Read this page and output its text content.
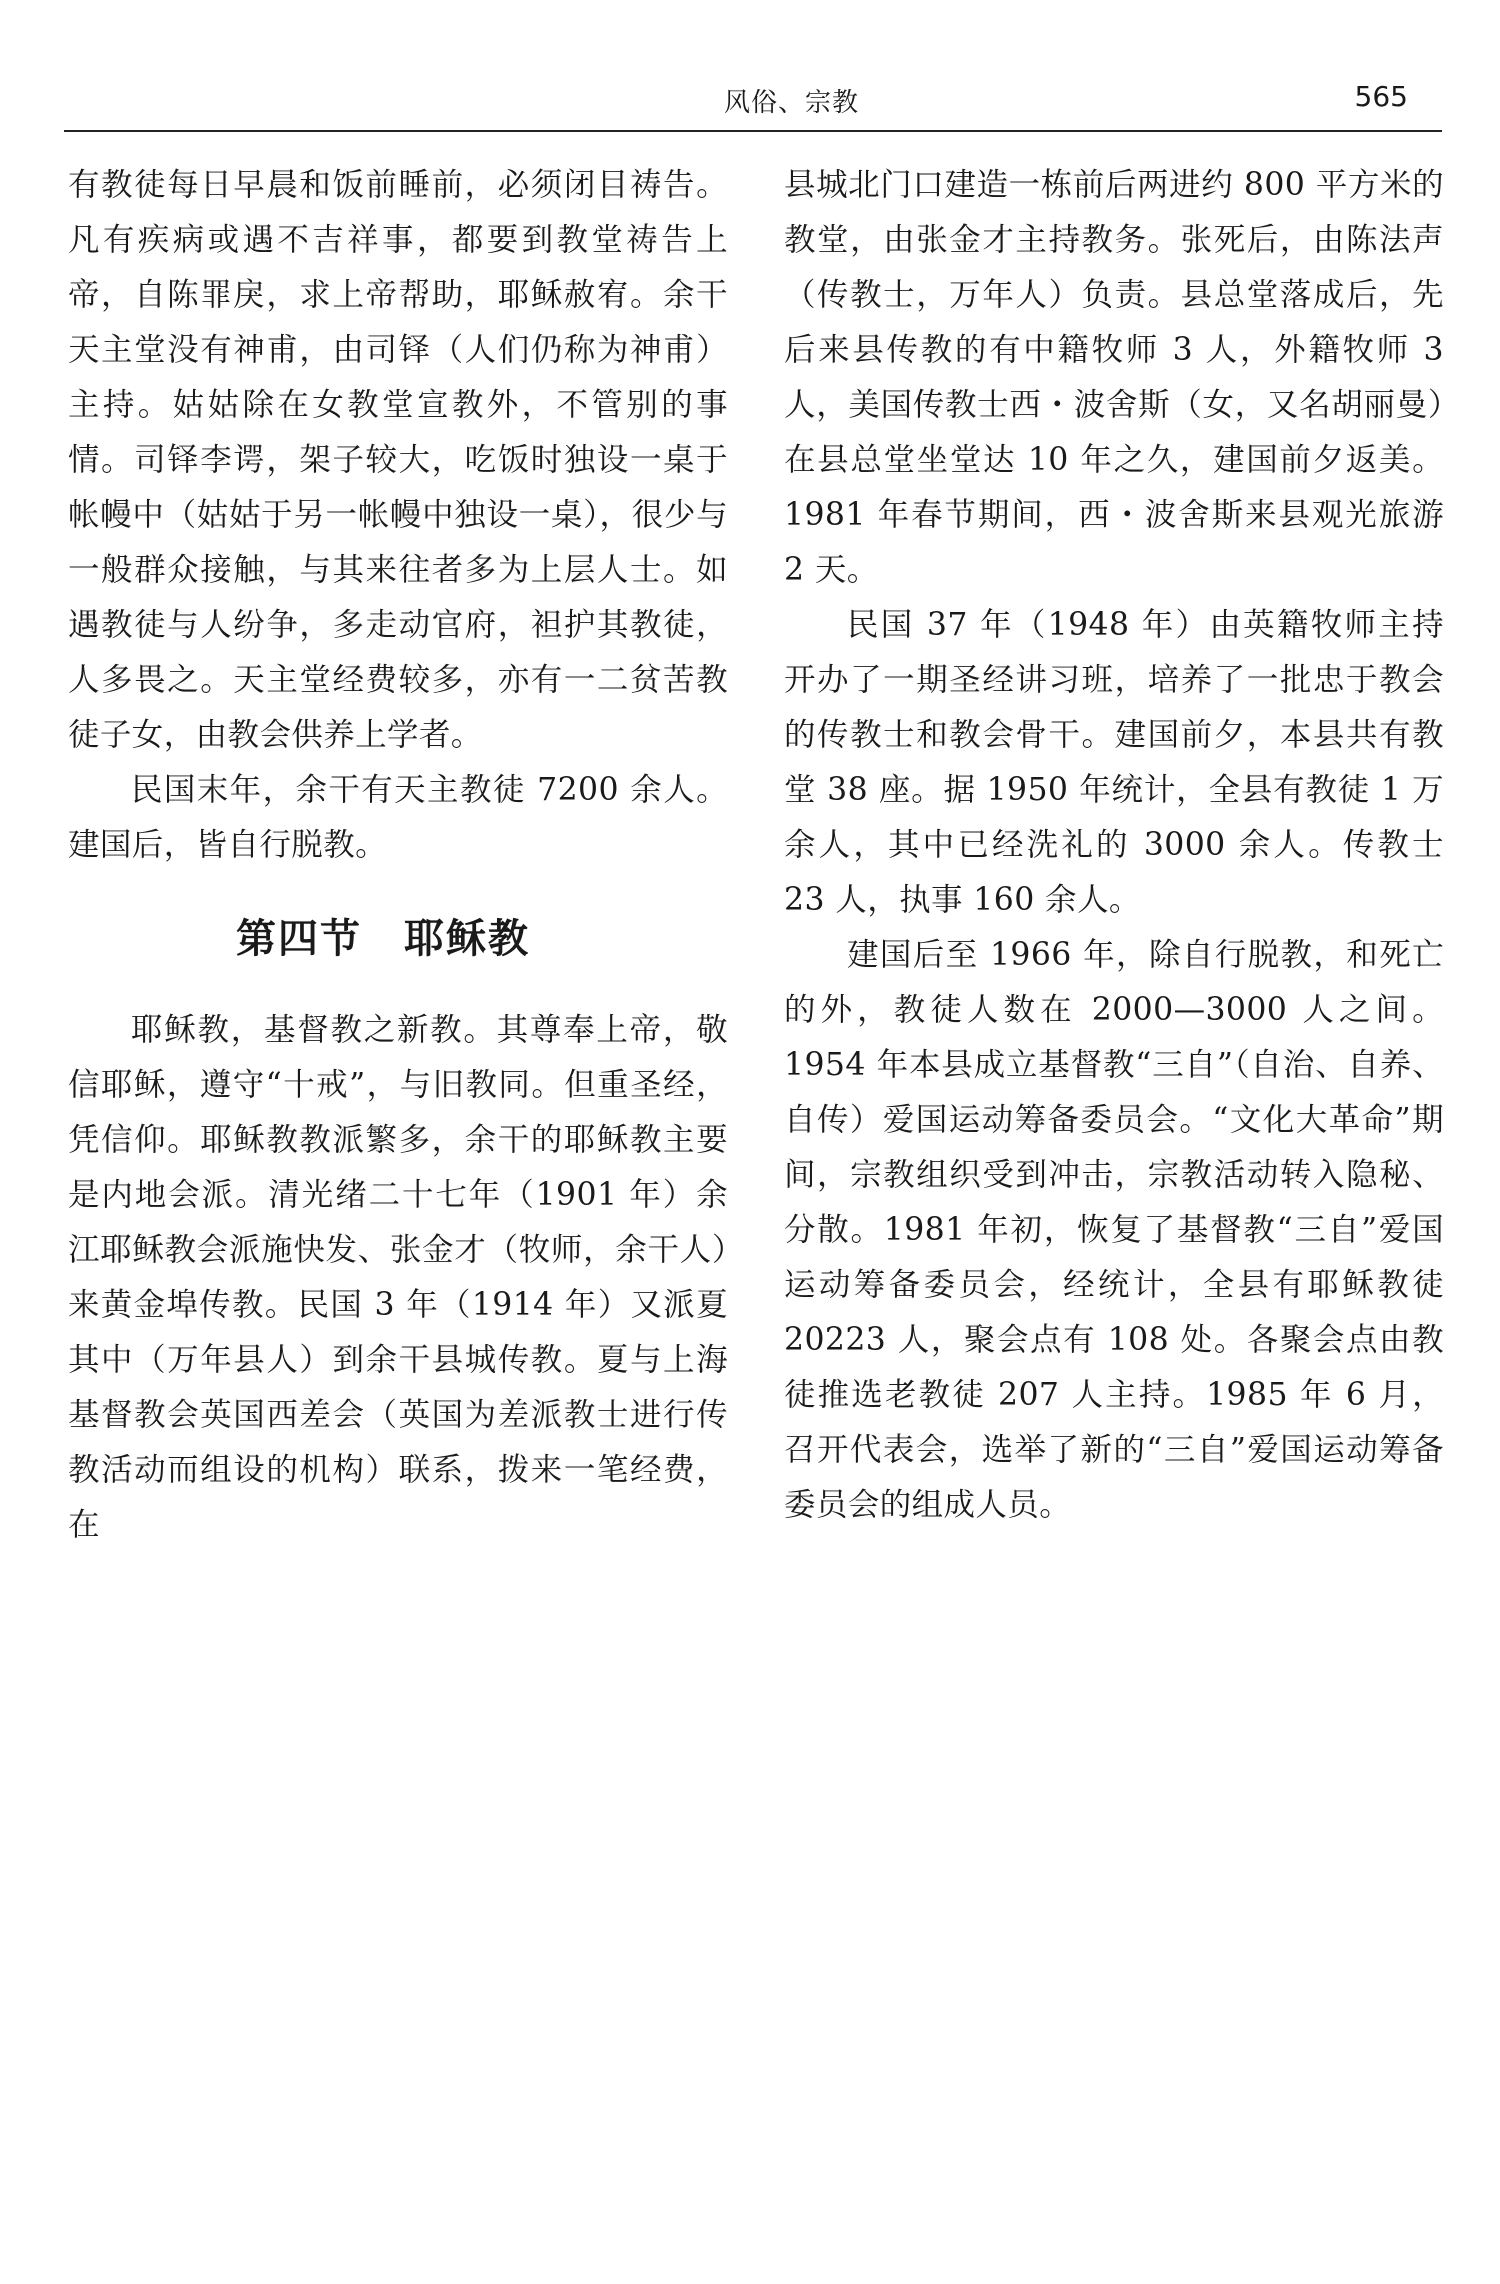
风俗、宗教	565

有教徒每日早晨和饭前睡前，必须闭目祷告。凡有疾病或遇不吉祥事，都要到教堂祷告上帝，自陈罪戾，求上帝帮助，耶稣赦宥。余干天主堂没有神甫，由司铎（人们仍称为神甫）主持。姑姑除在女教堂宣教外，不管别的事情。司铎李谔，架子较大，吃饭时独设一桌于帐幔中（姑姑于另一帐幔中独设一桌），很少与一般群众接触，与其来往者多为上层人士。如遇教徒与人纷争，多走动官府，袒护其教徒，人多畏之。天主堂经费较多，亦有一二贫苦教徒子女，由教会供养上学者。

民国末年，余干有天主教徒 7200 余人。建国后，皆自行脱教。

第四节　耶稣教

耶稣教，基督教之新教。其尊奉上帝，敬信耶稣，遵守“十戒”，与旧教同。但重圣经，凭信仰。耶稣教教派繁多，余干的耶稣教主要是内地会派。清光绪二十七年（1901 年）余江耶稣教会派施快发、张金才（牧师，余干人）来黄金埠传教。民国 3 年（1914 年）又派夏其中（万年县人）到余干县城传教。夏与上海基督教会英国西差会（英国为差派教士进行传教活动而组设的机构）联系，拨来一笔经费，在

县城北门口建造一栋前后两进约 800 平方米的教堂，由张金才主持教务。张死后，由陈法声（传教士，万年人）负责。县总堂落成后，先后来县传教的有中籍牧师 3 人，外籍牧师 3 人，美国传教士西・波舍斯（女，又名胡丽曼）在县总堂坐堂达 10 年之久，建国前夕返美。1981 年春节期间，西・波舍斯来县观光旅游 2 天。

民国 37 年（1948 年）由英籍牧师主持开办了一期圣经讲习班，培养了一批忠于教会的传教士和教会骨干。建国前夕，本县共有教堂 38 座。据 1950 年统计，全县有教徒 1 万余人，其中已经洗礼的 3000 余人。传教士 23 人，执事 160 余人。

建国后至 1966 年，除自行脱教，和死亡的外，教徒人数在 2000—3000 人之间。1954 年本县成立基督教“三自”（自治、自养、自传）爱国运动筹备委员会。“文化大革命”期间，宗教组织受到冲击，宗教活动转入隐秘、分散。1981 年初，恢复了基督教“三自”爱国运动筹备委员会，经统计，全县有耶稣教徒 20223 人，聚会点有 108 处。各聚会点由教徒推选老教徒 207 人主持。1985 年 6 月，召开代表会，选举了新的“三自”爱国运动筹备委员会的组成人员。
